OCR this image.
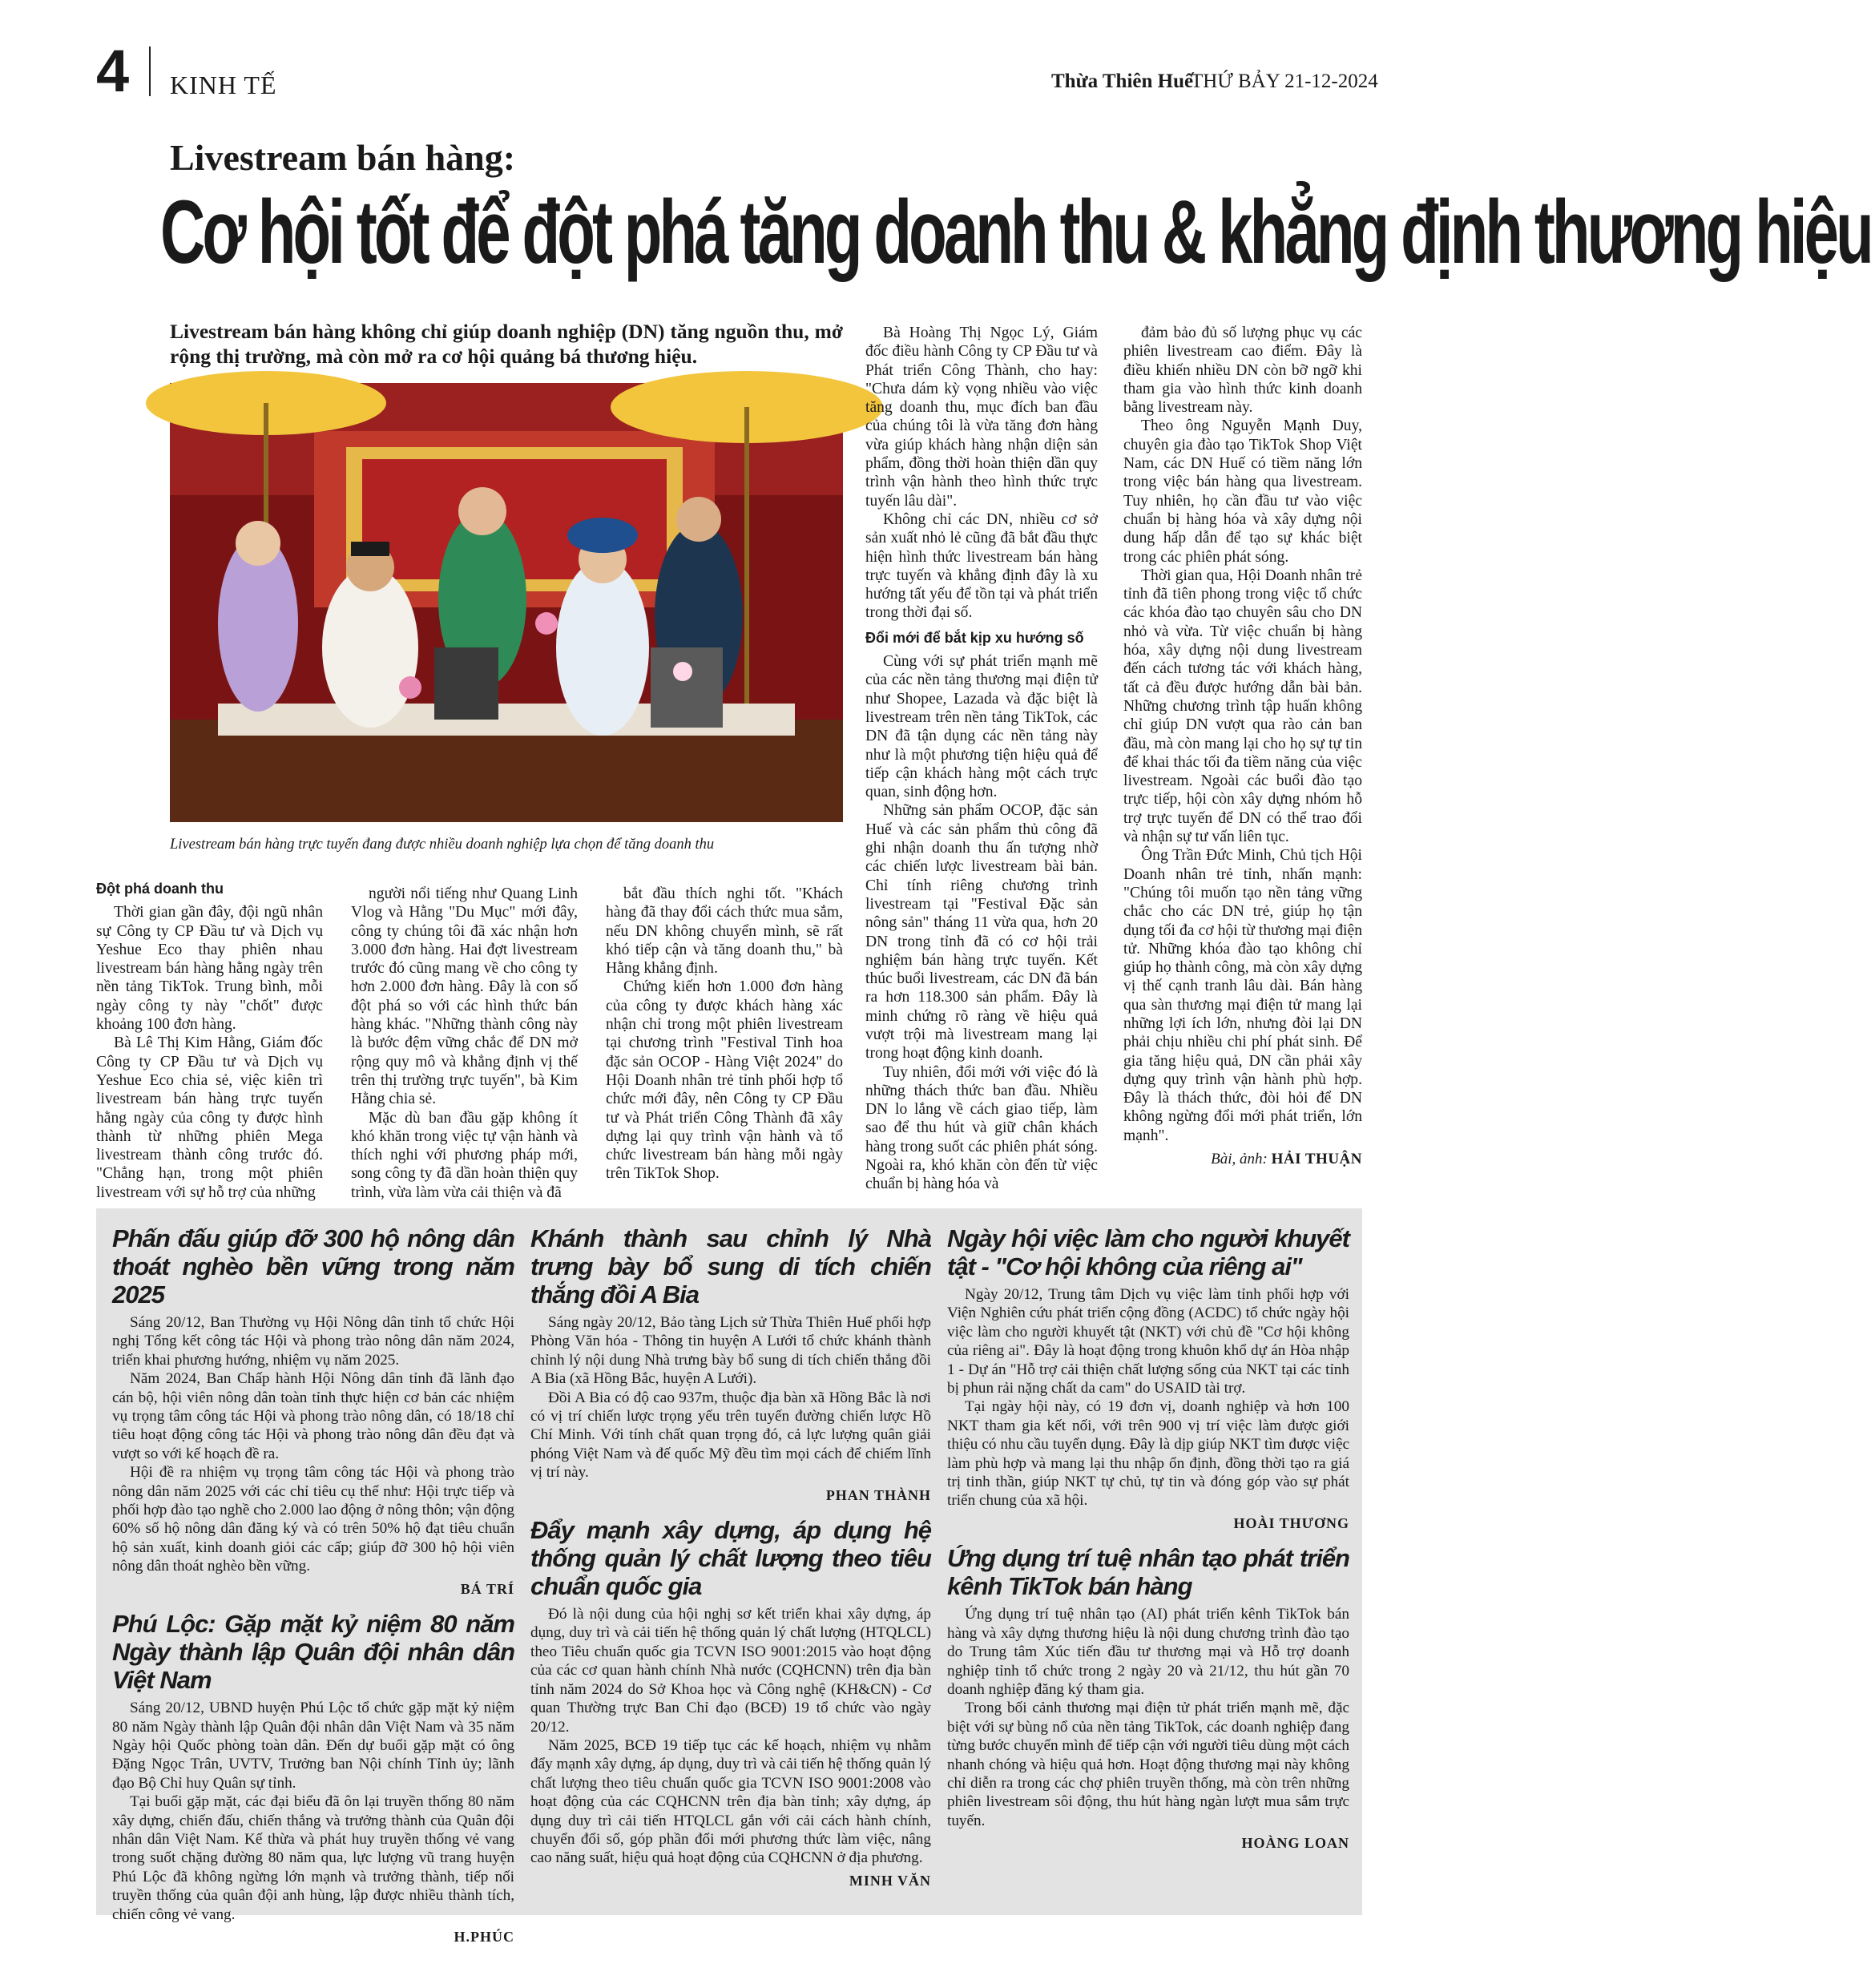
4 KINH TẾ	Thừa Thiên Huế
THỨ BẢY 21-12-2024
Livestream bán hàng:
Cơ hội tốt để đột phá tăng doanh thu & khẳng định thương hiệu
Livestream bán hàng không chỉ giúp doanh nghiệp (DN) tăng nguồn thu, mở rộng thị trường, mà còn mở ra cơ hội quảng bá thương hiệu.
Livestream bán hàng trực tuyến đang được nhiều doanh nghiệp lựa chọn để tăng doanh thu
Đột phá doanh thu

Thời gian gần đây, đội ngũ nhân sự Công ty CP Đầu tư và Dịch vụ Yeshue Eco thay phiên nhau livestream bán hàng hằng ngày trên nền tảng TikTok. Trung bình, mỗi ngày công ty này "chốt" được khoảng 100 đơn hàng.

Bà Lê Thị Kim Hằng, Giám đốc Công ty CP Đầu tư và Dịch vụ Yeshue Eco chia sẻ, việc kiên trì livestream bán hàng trực tuyến hằng ngày của công ty được hình thành từ những phiên Mega livestream thành công trước đó. "Chẳng hạn, trong một phiên livestream với sự hỗ trợ của những

người nổi tiếng như Quang Linh Vlog và Hằng "Du Mục" mới đây, công ty chúng tôi đã xác nhận hơn 3.000 đơn hàng. Hai đợt livestream trước đó cũng mang về cho công ty hơn 2.000 đơn hàng. Đây là con số đột phá so với các hình thức bán hàng khác. "Những thành công này là bước đệm vững chắc để DN mở rộng quy mô và khẳng định vị thế trên thị trường trực tuyến", bà Kim Hằng chia sẻ.

Mặc dù ban đầu gặp không ít khó khăn trong việc tự vận hành và thích nghi với phương pháp mới, song công ty đã dần hoàn thiện quy trình, vừa làm vừa cải thiện và đã

bắt đầu thích nghi tốt. "Khách hàng đã thay đổi cách thức mua sắm, nếu DN không chuyển mình, sẽ rất khó tiếp cận và tăng doanh thu," bà Hằng khẳng định.

Chứng kiến hơn 1.000 đơn hàng của công ty được khách hàng xác nhận chỉ trong một phiên livestream tại chương trình "Festival Tinh hoa đặc sản OCOP - Hàng Việt 2024" do Hội Doanh nhân trẻ tỉnh phối hợp tổ chức mới đây, nên Công ty CP Đầu tư và Phát triển Công Thành đã xây dựng lại quy trình vận hành và tổ chức livestream bán hàng mỗi ngày trên TikTok Shop.

Bà Hoàng Thị Ngọc Lý, Giám đốc điều hành Công ty CP Đầu tư và Phát triển Công Thành, cho hay: "Chưa dám kỳ vọng nhiều vào việc tăng doanh thu, mục đích ban đầu của chúng tôi là vừa tăng đơn hàng vừa giúp khách hàng nhận diện sản phẩm, đồng thời hoàn thiện dần quy trình vận hành theo hình thức trực tuyến lâu dài".

Không chỉ các DN, nhiều cơ sở sản xuất nhỏ lẻ cũng đã bắt đầu thực hiện hình thức livestream bán hàng trực tuyến và khẳng định đây là xu hướng tất yếu để tồn tại và phát triển trong thời đại số.

Đổi mới để bắt kịp xu hướng số

Cùng với sự phát triển mạnh mẽ của các nền tảng thương mại điện tử như Shopee, Lazada và đặc biệt là livestream trên nền tảng TikTok, các DN đã tận dụng các nền tảng này như là một phương tiện hiệu quả để tiếp cận khách hàng một cách trực quan, sinh động hơn.

Những sản phẩm OCOP, đặc sản Huế và các sản phẩm thủ công đã ghi nhận doanh thu ấn tượng nhờ các chiến lược livestream bài bản. Chỉ tính riêng chương trình livestream tại "Festival Đặc sản nông sản" tháng 11 vừa qua, hơn 20 DN trong tỉnh đã có cơ hội trải nghiệm bán hàng trực tuyến. Kết thúc buổi livestream, các DN đã bán ra hơn 118.300 sản phẩm. Đây là minh chứng rõ ràng về hiệu quả vượt trội mà livestream mang lại trong hoạt động kinh doanh.

Tuy nhiên, đổi mới với việc đó là những thách thức ban đầu. Nhiều DN lo lắng về cách giao tiếp, làm sao để thu hút và giữ chân khách hàng trong suốt các phiên phát sóng. Ngoài ra, khó khăn còn đến từ việc chuẩn bị hàng hóa và

đảm bảo đủ số lượng phục vụ các phiên livestream cao điểm. Đây là điều khiến nhiều DN còn bỡ ngỡ khi tham gia vào hình thức kinh doanh bằng livestream này.

Theo ông Nguyễn Mạnh Duy, chuyên gia đào tạo TikTok Shop Việt Nam, các DN Huế có tiềm năng lớn trong việc bán hàng qua livestream. Tuy nhiên, họ cần đầu tư vào việc chuẩn bị hàng hóa và xây dựng nội dung hấp dẫn để tạo sự khác biệt trong các phiên phát sóng.

Thời gian qua, Hội Doanh nhân trẻ tỉnh đã tiên phong trong việc tổ chức các khóa đào tạo chuyên sâu cho DN nhỏ và vừa. Từ việc chuẩn bị hàng hóa, xây dựng nội dung livestream đến cách tương tác với khách hàng, tất cả đều được hướng dẫn bài bản. Những chương trình tập huấn không chỉ giúp DN vượt qua rào cản ban đầu, mà còn mang lại cho họ sự tự tin để khai thác tối đa tiềm năng của việc livestream. Ngoài các buổi đào tạo trực tiếp, hội còn xây dựng nhóm hỗ trợ trực tuyến để DN có thể trao đổi và nhận sự tư vấn liên tục.

Ông Trần Đức Minh, Chủ tịch Hội Doanh nhân trẻ tỉnh, nhấn mạnh: "Chúng tôi muốn tạo nền tảng vững chắc cho các DN trẻ, giúp họ tận dụng tối đa cơ hội từ thương mại điện tử. Những khóa đào tạo không chỉ giúp họ thành công, mà còn xây dựng vị thế cạnh tranh lâu dài. Bán hàng qua sàn thương mại điện tử mang lại những lợi ích lớn, nhưng đòi lại DN phải chịu nhiều chi phí phát sinh. Để gia tăng hiệu quả, DN cần phải xây dựng quy trình vận hành phù hợp. Đây là thách thức, đòi hỏi để DN không ngừng đổi mới phát triển, lớn mạnh".

Bài, ảnh: HẢI THUẬN
Phấn đấu giúp đỡ 300 hộ nông dân thoát nghèo bền vững trong năm 2025

Sáng 20/12, Ban Thường vụ Hội Nông dân tỉnh tổ chức Hội nghị Tổng kết công tác Hội và phong trào nông dân năm 2024, triển khai phương hướng, nhiệm vụ năm 2025.

Năm 2024, Ban Chấp hành Hội Nông dân tỉnh đã lãnh đạo cán bộ, hội viên nông dân toàn tỉnh thực hiện cơ bản các nhiệm vụ trọng tâm công tác Hội và phong trào nông dân, có 18/18 chỉ tiêu hoạt động công tác Hội và phong trào nông dân đều đạt và vượt so với kế hoạch đề ra.

Hội đề ra nhiệm vụ trọng tâm công tác Hội và phong trào nông dân năm 2025 với các chỉ tiêu cụ thể như: Hội trực tiếp và phối hợp đào tạo nghề cho 2.000 lao động ở nông thôn; vận động 60% số hộ nông dân đăng ký và có trên 50% hộ đạt tiêu chuẩn hộ sản xuất, kinh doanh giỏi các cấp; giúp đỡ 300 hộ hội viên nông dân thoát nghèo bền vững.

BÁ TRÍ
Phú Lộc: Gặp mặt kỷ niệm 80 năm Ngày thành lập Quân đội nhân dân Việt Nam

Sáng 20/12, UBND huyện Phú Lộc tổ chức gặp mặt kỷ niệm 80 năm Ngày thành lập Quân đội nhân dân Việt Nam và 35 năm Ngày hội Quốc phòng toàn dân. Đến dự buổi gặp mặt có ông Đặng Ngọc Trân, UVTV, Trưởng ban Nội chính Tỉnh ủy; lãnh đạo Bộ Chỉ huy Quân sự tỉnh.

Tại buổi gặp mặt, các đại biểu đã ôn lại truyền thống 80 năm xây dựng, chiến đấu, chiến thắng và trưởng thành của Quân đội nhân dân Việt Nam. Kế thừa và phát huy truyền thống vẻ vang trong suốt chặng đường 80 năm qua, lực lượng vũ trang huyện Phú Lộc đã không ngừng lớn mạnh và trưởng thành, tiếp nối truyền thống của quân đội anh hùng, lập được nhiều thành tích, chiến công vẻ vang.

H.PHÚC
Khánh thành sau chỉnh lý Nhà trưng bày bổ sung di tích chiến thắng đồi A Bia

Sáng ngày 20/12, Bảo tàng Lịch sử Thừa Thiên Huế phối hợp Phòng Văn hóa - Thông tin huyện A Lưới tổ chức khánh thành chỉnh lý nội dung Nhà trưng bày bổ sung di tích chiến thắng đồi A Bia (xã Hồng Bắc, huyện A Lưới).

Đồi A Bia có độ cao 937m, thuộc địa bàn xã Hồng Bắc là nơi có vị trí chiến lược trọng yếu trên tuyến đường chiến lược Hồ Chí Minh. Với tính chất quan trọng đó, cả lực lượng quân giải phóng Việt Nam và đế quốc Mỹ đều tìm mọi cách để chiếm lĩnh vị trí này.

PHAN THÀNH
Đẩy mạnh xây dựng, áp dụng hệ thống quản lý chất lượng theo tiêu chuẩn quốc gia

Đó là nội dung của hội nghị sơ kết triển khai xây dựng, áp dụng, duy trì và cải tiến hệ thống quản lý chất lượng (HTQLCL) theo Tiêu chuẩn quốc gia TCVN ISO 9001:2015 vào hoạt động của các cơ quan hành chính Nhà nước (CQHCNN) trên địa bàn tỉnh năm 2024 do Sở Khoa học và Công nghệ (KH&CN) - Cơ quan Thường trực Ban Chỉ đạo (BCĐ) 19 tổ chức vào ngày 20/12.

Năm 2025, BCĐ 19 tiếp tục các kế hoạch, nhiệm vụ nhằm đẩy mạnh xây dựng, áp dụng, duy trì và cải tiến hệ thống quản lý chất lượng theo tiêu chuẩn quốc gia TCVN ISO 9001:2008 vào hoạt động của các CQHCNN trên địa bàn tỉnh; xây dựng, áp dụng duy trì cải tiến HTQLCL gắn với cải cách hành chính, chuyển đổi số, góp phần đổi mới phương thức làm việc, nâng cao năng suất, hiệu quả hoạt động của CQHCNN ở địa phương.

MINH VĂN
Ngày hội việc làm cho người khuyết tật - "Cơ hội không của riêng ai"

Ngày 20/12, Trung tâm Dịch vụ việc làm tỉnh phối hợp với Viện Nghiên cứu phát triển cộng đồng (ACDC) tổ chức ngày hội việc làm cho người khuyết tật (NKT) với chủ đề "Cơ hội không của riêng ai". Đây là hoạt động trong khuôn khổ dự án Hòa nhập 1 - Dự án "Hỗ trợ cải thiện chất lượng sống của NKT tại các tỉnh bị phun rải nặng chất da cam" do USAID tài trợ.

Tại ngày hội này, có 19 đơn vị, doanh nghiệp và hơn 100 NKT tham gia kết nối, với trên 900 vị trí việc làm được giới thiệu có nhu cầu tuyển dụng. Đây là dịp giúp NKT tìm được việc làm phù hợp và mang lại thu nhập ổn định, đồng thời tạo ra giá trị tinh thần, giúp NKT tự chủ, tự tin và đóng góp vào sự phát triển chung của xã hội.

HOÀI THƯƠNG
Ứng dụng trí tuệ nhân tạo phát triển kênh TikTok bán hàng

Ứng dụng trí tuệ nhân tạo (AI) phát triển kênh TikTok bán hàng và xây dựng thương hiệu là nội dung chương trình đào tạo do Trung tâm Xúc tiến đầu tư thương mại và Hỗ trợ doanh nghiệp tỉnh tổ chức trong 2 ngày 20 và 21/12, thu hút gần 70 doanh nghiệp đăng ký tham gia.

Trong bối cảnh thương mại điện tử phát triển mạnh mẽ, đặc biệt với sự bùng nổ của nền tảng TikTok, các doanh nghiệp đang từng bước chuyển mình để tiếp cận với người tiêu dùng một cách nhanh chóng và hiệu quả hơn. Hoạt động thương mại này không chỉ diễn ra trong các chợ phiên truyền thống, mà còn trên những phiên livestream sôi động, thu hút hàng ngàn lượt mua sắm trực tuyến.

HOÀNG LOAN
